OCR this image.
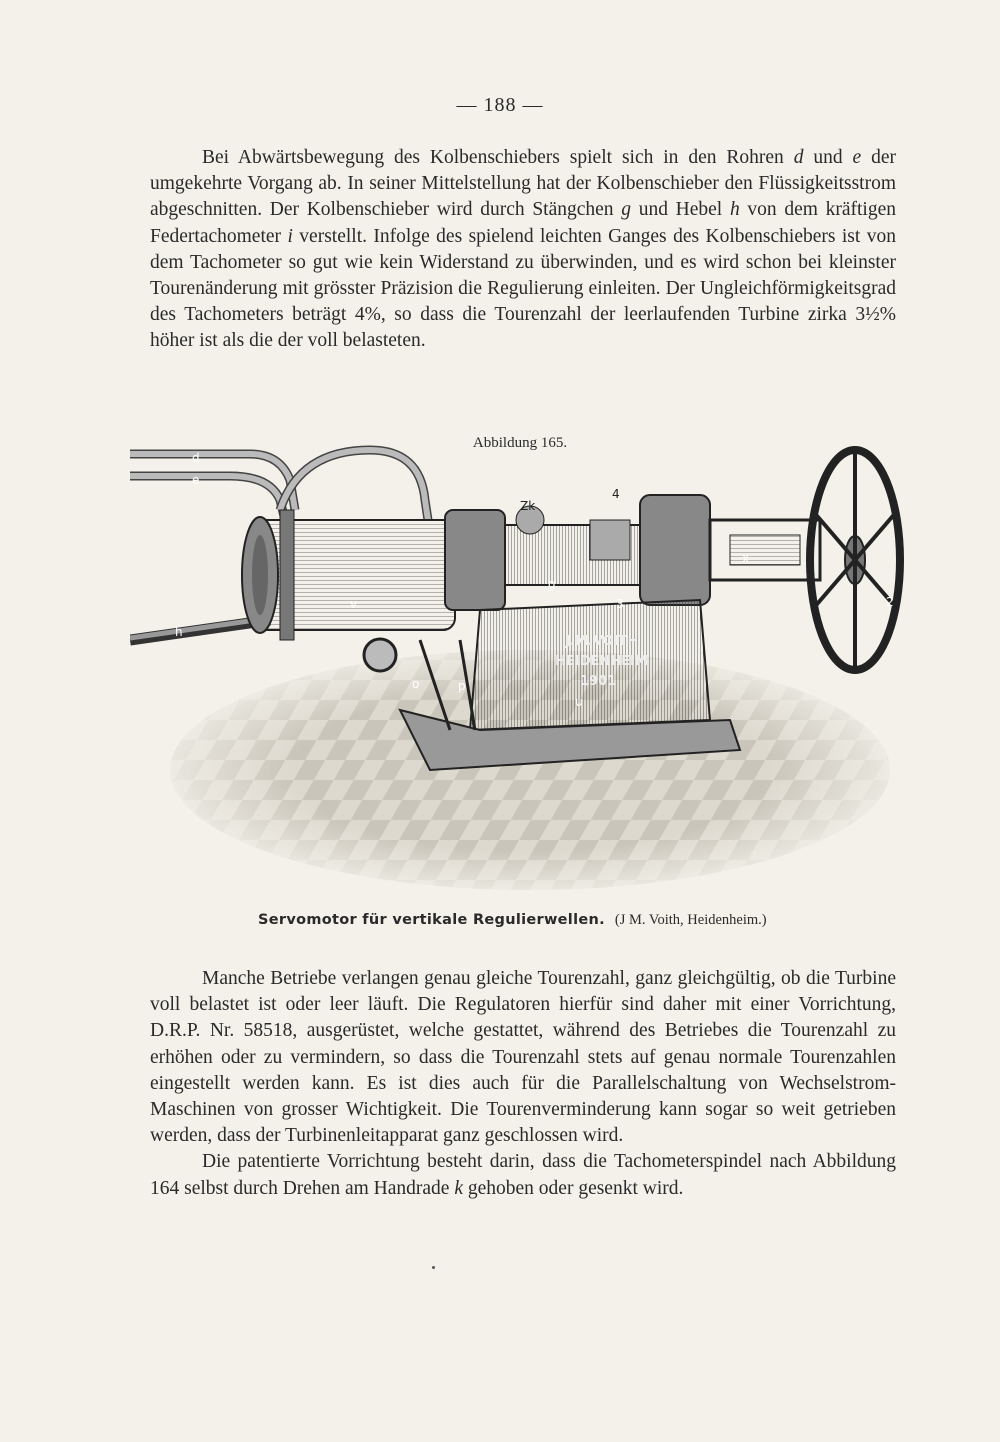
— 188 —

Bei Abwärtsbewegung des Kolbenschiebers spielt sich in den Rohren d und e der umgekehrte Vorgang ab. In seiner Mittelstellung hat der Kolbenschieber den Flüssigkeitsstrom abgeschnitten. Der Kolbenschieber wird durch Stängchen g und Hebel h von dem kräftigen Federtachometer i verstellt. Infolge des spielend leichten Ganges des Kolbenschiebers ist von dem Tachometer so gut wie kein Widerstand zu überwinden, und es wird schon bei kleinster Tourenänderung mit grösster Präzision die Regulierung einleiten. Der Ungleichförmigkeitsgrad des Tachometers beträgt 4%, so dass die Tourenzahl der leerlaufenden Turbine zirka 3½% höher ist als die der voll belasteten.

Abbildung 165.
J.M.VOITH
HEIDENHEIM
1901
d
e
h
v
Zk
4
x
g
3	2
o	p
u
Servomotor für vertikale Regulierwellen. (J M. Voith, Heidenheim.)

Manche Betriebe verlangen genau gleiche Tourenzahl, ganz gleichgültig, ob die Turbine voll belastet ist oder leer läuft. Die Regulatoren hierfür sind daher mit einer Vorrichtung, D.R.P. Nr. 58518, ausgerüstet, welche gestattet, während des Betriebes die Tourenzahl zu erhöhen oder zu vermindern, so dass die Tourenzahl stets auf genau normale Tourenzahlen eingestellt werden kann. Es ist dies auch für die Parallelschaltung von Wechselstrom-Maschinen von grosser Wichtigkeit. Die Tourenverminderung kann sogar so weit getrieben werden, dass der Turbinenleitapparat ganz geschlossen wird.

Die patentierte Vorrichtung besteht darin, dass die Tachometerspindel nach Abbildung 164 selbst durch Drehen am Handrade k gehoben oder gesenkt wird.
